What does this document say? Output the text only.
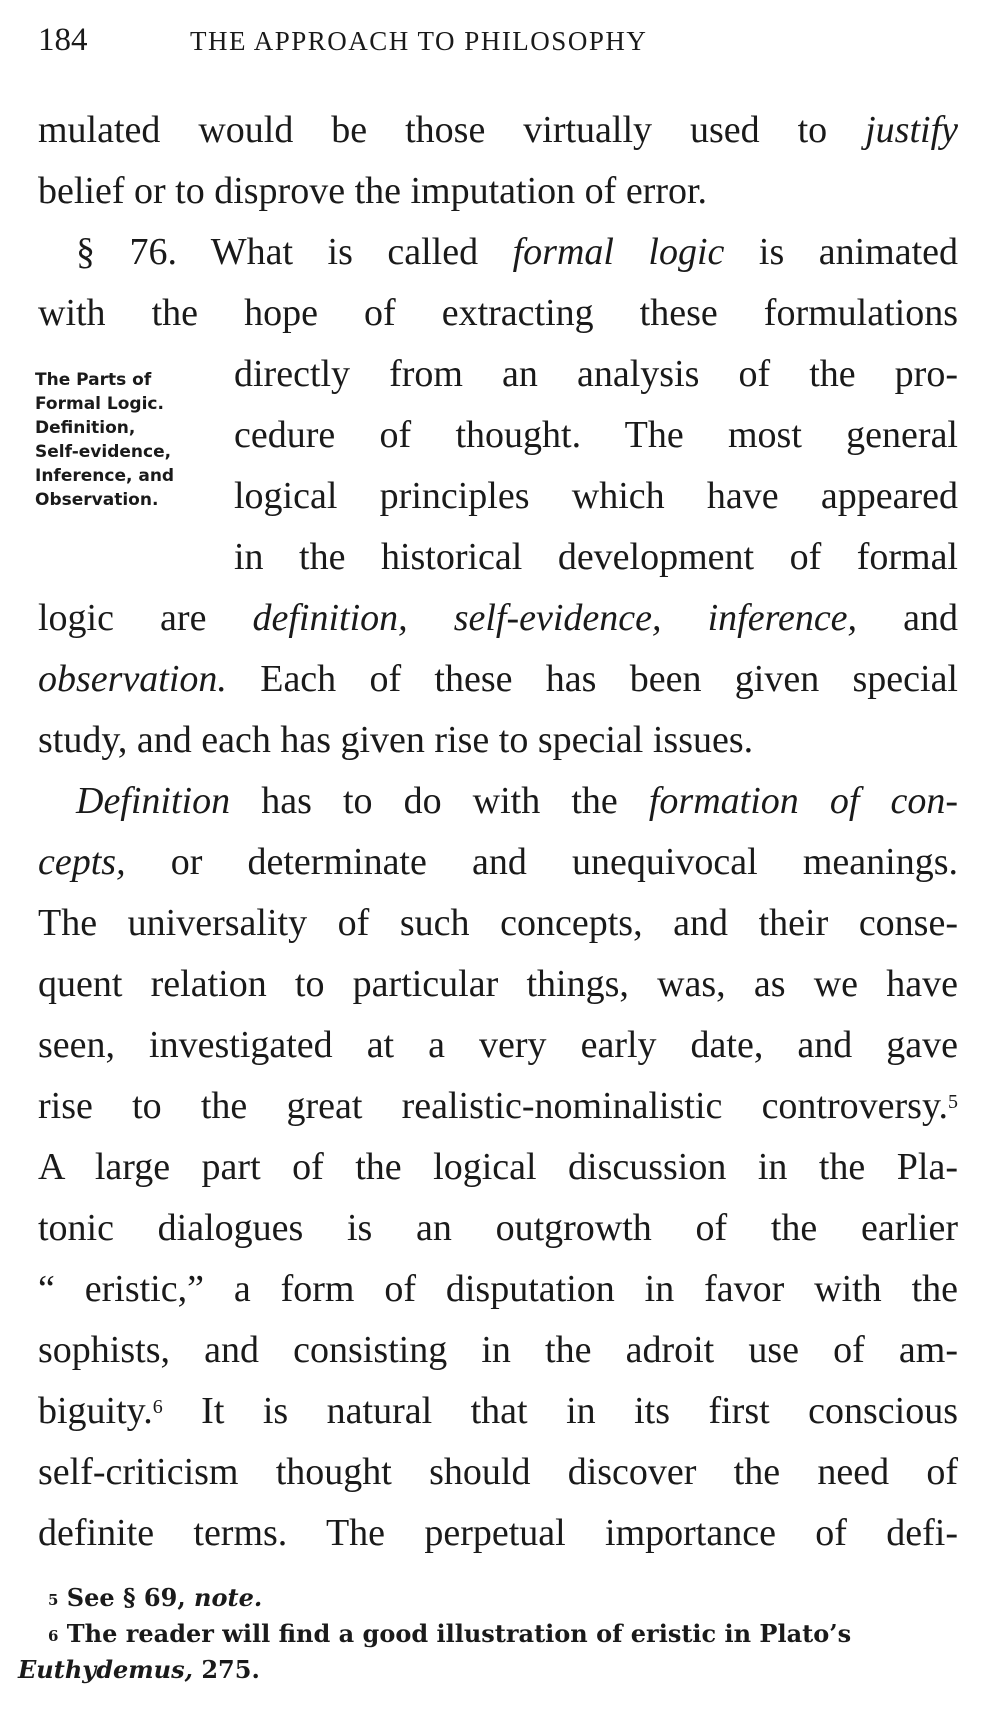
184	THE APPROACH TO PHILOSOPHY
The Parts of
Formal Logic.
Definition,
Self-evidence,
Inference, and
Observation.
mulated would be those virtually used to justify
belief or to disprove the imputation of error.
§ 76. What is called formal logic is animated
with the hope of extracting these formulations
directly from an analysis of the pro-
cedure of thought. The most general
logical principles which have appeared
in the historical development of formal
logic are definition, self-evidence, inference, and
observation. Each of these has been given special
study, and each has given rise to special issues.
Definition has to do with the formation of con-
cepts, or determinate and unequivocal meanings.
The universality of such concepts, and their conse-
quent relation to particular things, was, as we have
seen, investigated at a very early date, and gave
rise to the great realistic-nominalistic controversy.$^5$
A large part of the logical discussion in the Pla-
tonic dialogues is an outgrowth of the earlier
“ eristic,” a form of disputation in favor with the
sophists, and consisting in the adroit use of am-
biguity.$^6$ It is natural that in its first conscious
self-criticism thought should discover the need of
definite terms. The perpetual importance of defi-
$^5$ See § 69, note.
$^6$ The reader will find a good illustration of eristic in Plato’s
Euthydemus, 275.
